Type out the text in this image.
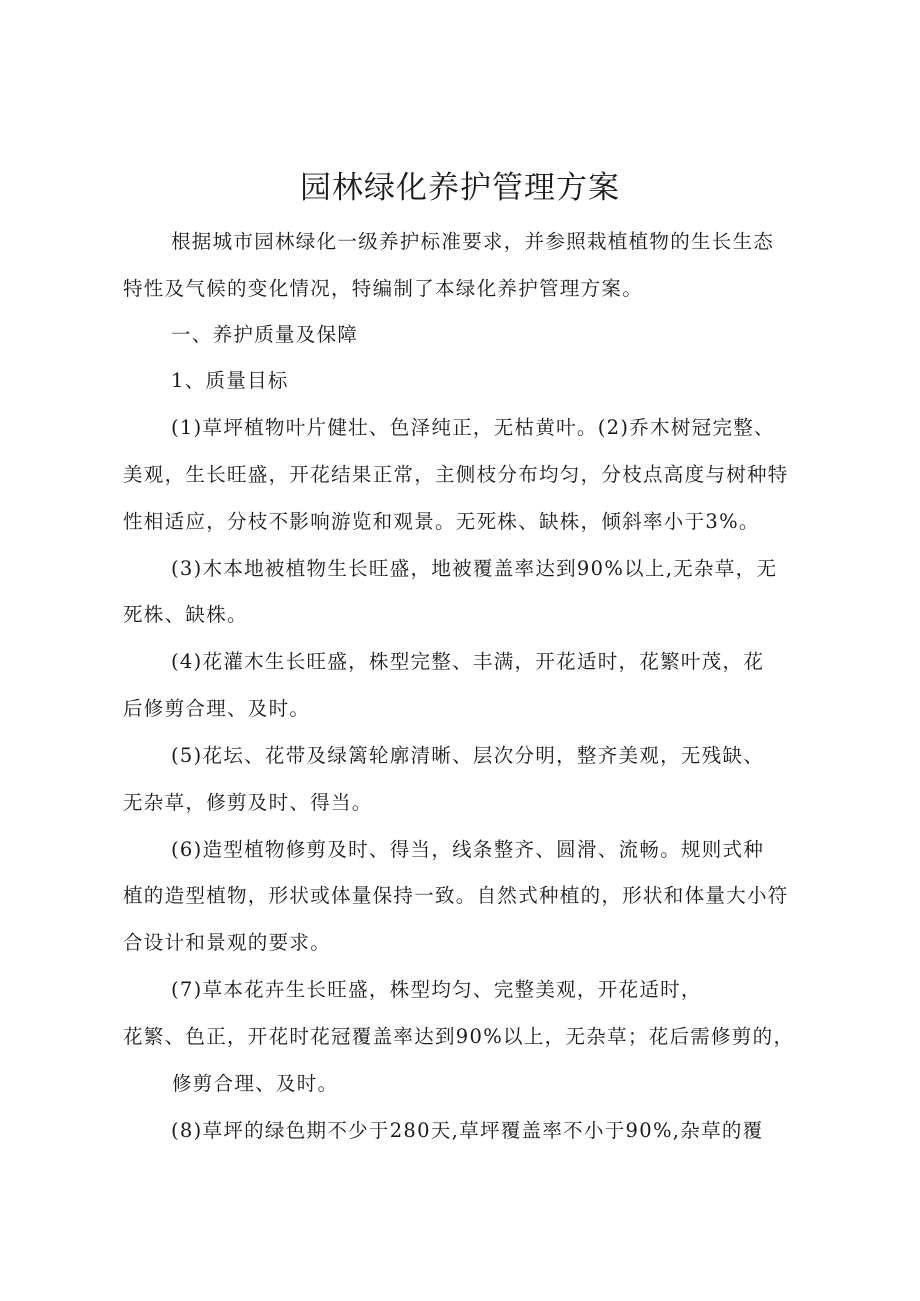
园林绿化养护管理方案

根据城市园林绿化一级养护标准要求，并参照栽植植物的生长生态

特性及气候的变化情况，特编制了本绿化养护管理方案。

一、养护质量及保障

1、质量目标

(1)草坪植物叶片健壮、色泽纯正，无枯黄叶。(2)乔木树冠完整、

美观，生长旺盛，开花结果正常，主侧枝分布均匀，分枝点高度与树种特

性相适应，分枝不影响游览和观景。无死株、缺株，倾斜率小于3%。

(3)木本地被植物生长旺盛，地被覆盖率达到90%以上,无杂草，无

死株、缺株。

(4)花灌木生长旺盛，株型完整、丰满，开花适时，花繁叶茂，花

后修剪合理、及时。

(5)花坛、花带及绿篱轮廓清晰、层次分明，整齐美观，无残缺、

无杂草，修剪及时、得当。

(6)造型植物修剪及时、得当，线条整齐、圆滑、流畅。规则式种

植的造型植物，形状或体量保持一致。自然式种植的，形状和体量大小符

合设计和景观的要求。

(7)草本花卉生长旺盛，株型均匀、完整美观，开花适时，

花繁、色正，开花时花冠覆盖率达到90%以上，无杂草；花后需修剪的，

修剪合理、及时。

(8)草坪的绿色期不少于280天,草坪覆盖率不小于90%,杂草的覆
